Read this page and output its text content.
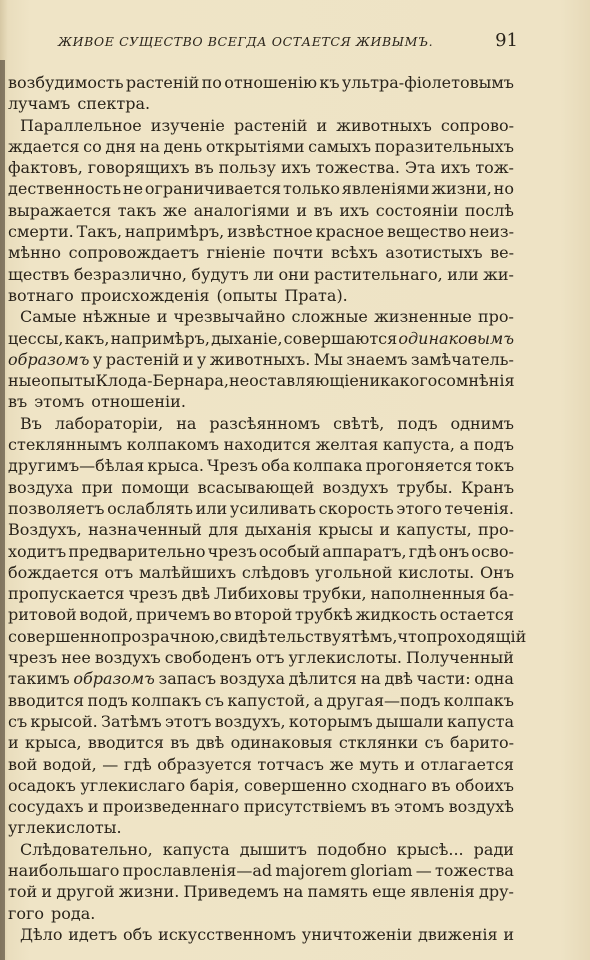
ЖИВОЕ СУЩЕСТВО ВСЕГДА ОСТАЕТСЯ ЖИВЫМЪ.	91
возбудимость растеній по отношенію къ ультра-фіолетовымъ
лучамъ спектра.
Параллельное изученіе растеній и животныхъ сопрово-
ждается со дня на день открытіями самыхъ поразительныхъ
фактовъ, говорящихъ въ пользу ихъ тожества. Эта ихъ тож-
дественность не ограничивается только явленіями жизни, но
выражается такъ же аналогіями и въ ихъ состояніи послѣ
смерти. Такъ, напримѣръ, извѣстное красное вещество неиз-
мѣнно сопровождаетъ гніеніе почти всѣхъ азотистыхъ ве-
ществъ безразлично, будутъ ли они растительнаго, или жи-
вотнаго происхожденія (опыты Прата).
Самые нѣжные и чрезвычайно сложные жизненные про-
цессы, какъ, напримѣръ, дыханіе, совершаются одинаковымъ
образомъ у растеній и у животныхъ. Мы знаемъ замѣчатель-
ные опыты Клода-Бернара, не оставляющіе никакого сомнѣнія
въ этомъ отношеніи.
Въ лабораторіи, на разсѣянномъ свѣтѣ, подъ однимъ
стекляннымъ колпакомъ находится желтая капуста, а подъ
другимъ—бѣлая крыса. Чрезъ оба колпака прогоняется токъ
воздуха при помощи всасывающей воздухъ трубы. Кранъ
позволяетъ ослаблять или усиливать скорость этого теченія.
Воздухъ, назначенный для дыханія крысы и капусты, про-
ходитъ предварительно чрезъ особый аппаратъ, гдѣ онъ осво-
бождается отъ малѣйшихъ слѣдовъ угольной кислоты. Онъ
пропускается чрезъ двѣ Либиховы трубки, наполненныя ба-
ритовой водой, причемъ во второй трубкѣ жидкость остается
совершенно прозрачною, свидѣтельствуя тѣмъ, что проходящій
чрезъ нее воздухъ свободенъ отъ углекислоты. Полученный
такимъ образомъ запасъ воздуха дѣлится на двѣ части: одна
вводится подъ колпакъ съ капустой, а другая—подъ колпакъ
съ крысой. Затѣмъ этотъ воздухъ, которымъ дышали капуста
и крыса, вводится въ двѣ одинаковыя стклянки съ барито-
вой водой, — гдѣ образуется тотчасъ же муть и отлагается
осадокъ углекислаго барія, совершенно сходнаго въ обоихъ
сосудахъ и произведеннаго присутствіемъ въ этомъ воздухѣ
углекислоты.
Слѣдовательно, капуста дышитъ подобно крысѣ... ради
наибольшаго прославленія—ad majorem gloriam — тожества
той и другой жизни. Приведемъ на память еще явленія дру-
гого рода.
Дѣло идетъ объ искусственномъ уничтоженіи движенія и
